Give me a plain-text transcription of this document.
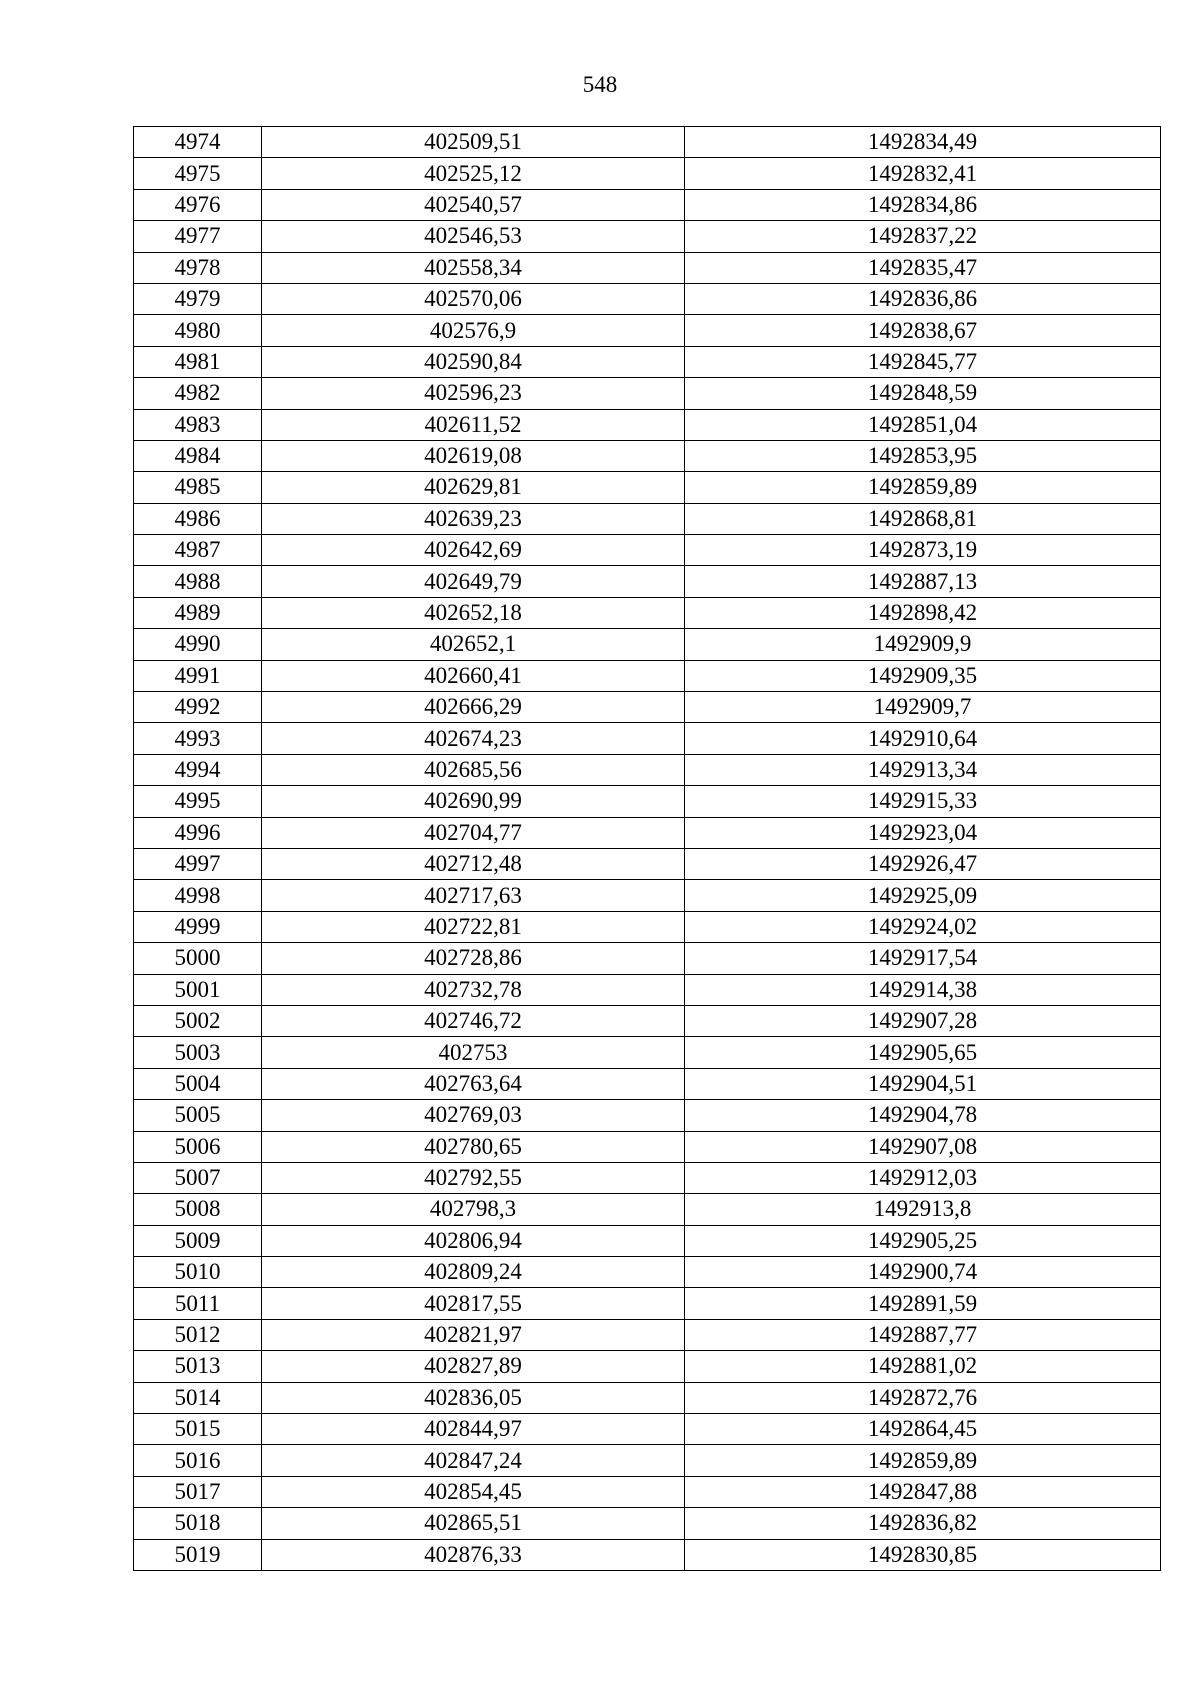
548
4974	402509,51	1492834,49
4975	402525,12	1492832,41
4976	402540,57	1492834,86
4977	402546,53	1492837,22
4978	402558,34	1492835,47
4979	402570,06	1492836,86
4980	402576,9	1492838,67
4981	402590,84	1492845,77
4982	402596,23	1492848,59
4983	402611,52	1492851,04
4984	402619,08	1492853,95
4985	402629,81	1492859,89
4986	402639,23	1492868,81
4987	402642,69	1492873,19
4988	402649,79	1492887,13
4989	402652,18	1492898,42
4990	402652,1	1492909,9
4991	402660,41	1492909,35
4992	402666,29	1492909,7
4993	402674,23	1492910,64
4994	402685,56	1492913,34
4995	402690,99	1492915,33
4996	402704,77	1492923,04
4997	402712,48	1492926,47
4998	402717,63	1492925,09
4999	402722,81	1492924,02
5000	402728,86	1492917,54
5001	402732,78	1492914,38
5002	402746,72	1492907,28
5003	402753	1492905,65
5004	402763,64	1492904,51
5005	402769,03	1492904,78
5006	402780,65	1492907,08
5007	402792,55	1492912,03
5008	402798,3	1492913,8
5009	402806,94	1492905,25
5010	402809,24	1492900,74
5011	402817,55	1492891,59
5012	402821,97	1492887,77
5013	402827,89	1492881,02
5014	402836,05	1492872,76
5015	402844,97	1492864,45
5016	402847,24	1492859,89
5017	402854,45	1492847,88
5018	402865,51	1492836,82
5019	402876,33	1492830,85
